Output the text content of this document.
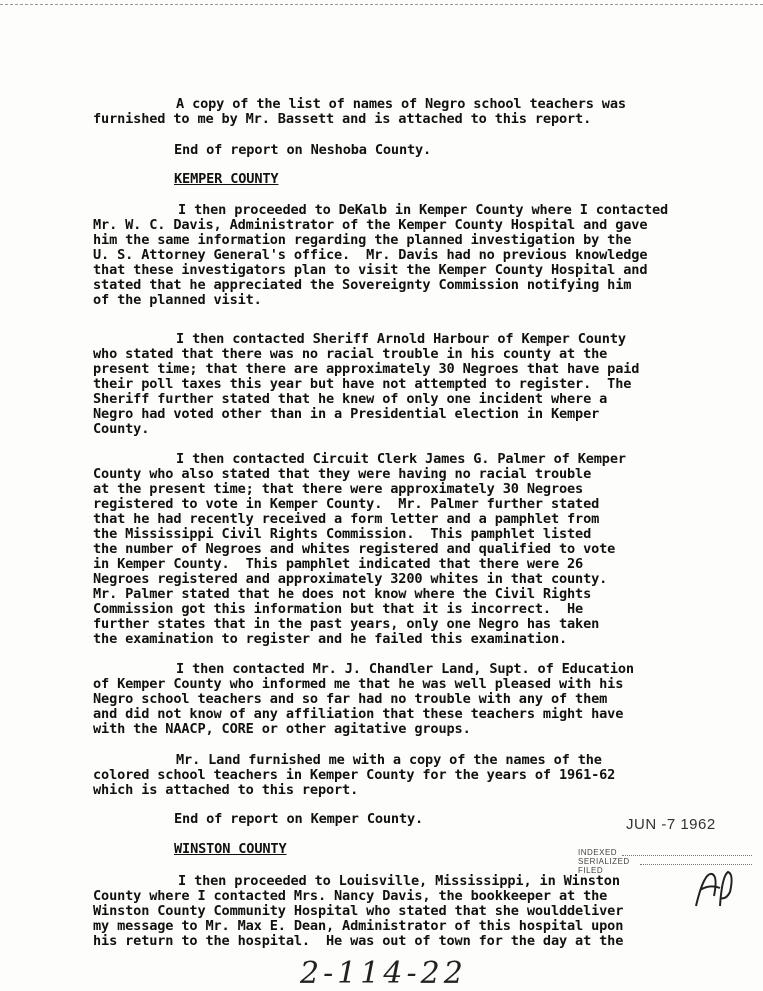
A copy of the list of names of Negro school teachers was
furnished to me by Mr. Bassett and is attached to this report.
End of report on Neshoba County.
KEMPER COUNTY
I then proceeded to DeKalb in Kemper County where I contacted
Mr. W. C. Davis, Administrator of the Kemper County Hospital and gave
him the same information regarding the planned investigation by the
U. S. Attorney General's office.  Mr. Davis had no previous knowledge
that these investigators plan to visit the Kemper County Hospital and
stated that he appreciated the Sovereignty Commission notifying him
of the planned visit.
I then contacted Sheriff Arnold Harbour of Kemper County
who stated that there was no racial trouble in his county at the
present time; that there are approximately 30 Negroes that have paid
their poll taxes this year but have not attempted to register.  The
Sheriff further stated that he knew of only one incident where a
Negro had voted other than in a Presidential election in Kemper
County.
I then contacted Circuit Clerk James G. Palmer of Kemper
County who also stated that they were having no racial trouble
at the present time; that there were approximately 30 Negroes
registered to vote in Kemper County.  Mr. Palmer further stated
that he had recently received a form letter and a pamphlet from
the Mississippi Civil Rights Commission.  This pamphlet listed
the number of Negroes and whites registered and qualified to vote
in Kemper County.  This pamphlet indicated that there were 26
Negroes registered and approximately 3200 whites in that county.
Mr. Palmer stated that he does not know where the Civil Rights
Commission got this information but that it is incorrect.  He
further states that in the past years, only one Negro has taken
the examination to register and he failed this examination.
I then contacted Mr. J. Chandler Land, Supt. of Education
of Kemper County who informed me that he was well pleased with his
Negro school teachers and so far had no trouble with any of them
and did not know of any affiliation that these teachers might have
with the NAACP, CORE or other agitative groups.
Mr. Land furnished me with a copy of the names of the
colored school teachers in Kemper County for the years of 1961-62
which is attached to this report.
End of report on Kemper County.
WINSTON COUNTY
I then proceeded to Louisville, Mississippi, in Winston
County where I contacted Mrs. Nancy Davis, the bookkeeper at the
Winston County Community Hospital who stated that she woulddeliver
my message to Mr. Max E. Dean, Administrator of this hospital upon
his return to the hospital.  He was out of town for the day at the
JUN -7 1962
INDEXED
SERIALIZED
FILED
2-114-22
